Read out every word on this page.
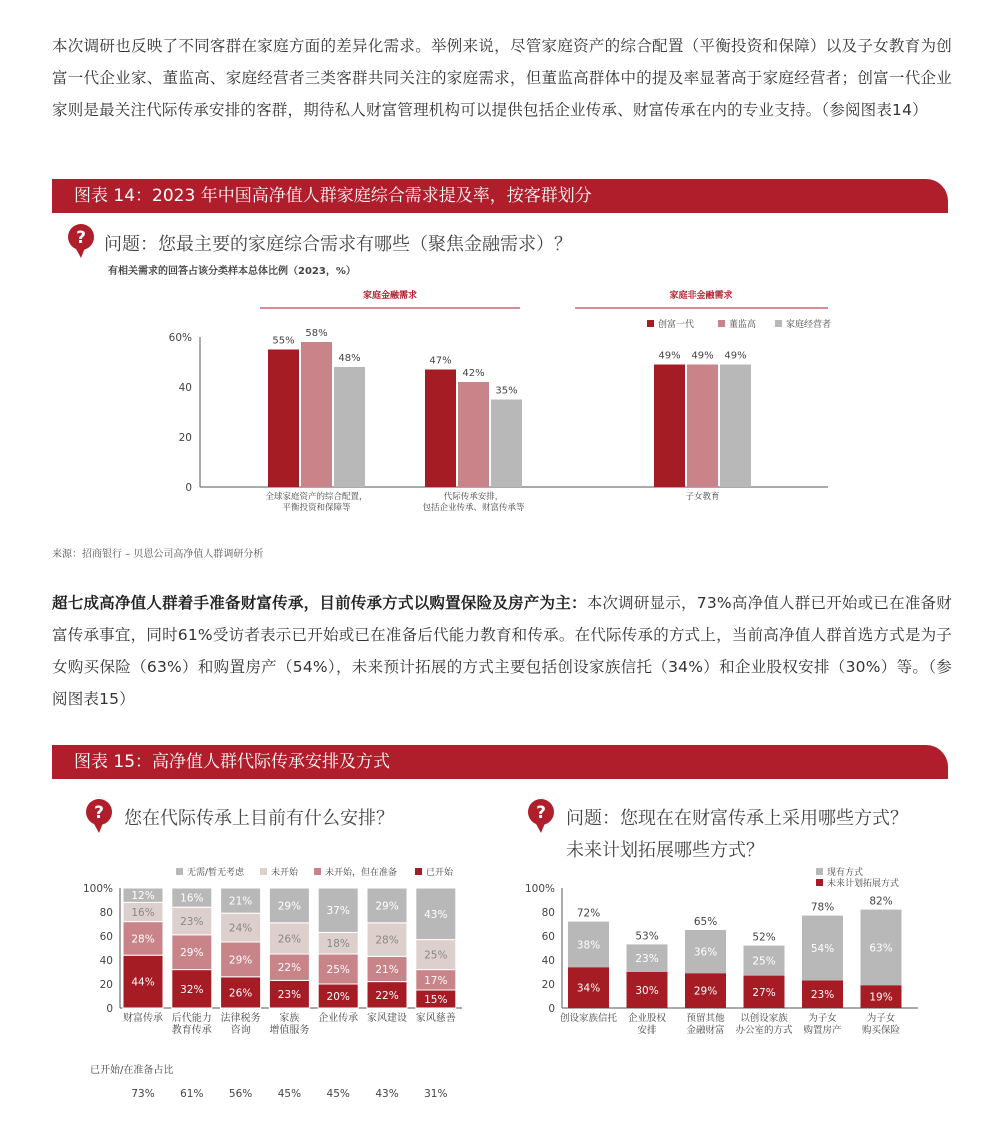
本次调研也反映了不同客群在家庭方面的差异化需求。举例来说，尽管家庭资产的综合配置（平衡投资和保障）以及子女教育为创富一代企业家、董监高、家庭经营者三类客群共同关注的家庭需求，但董监高群体中的提及率显著高于家庭经营者；创富一代企业家则是最关注代际传承安排的客群，期待私人财富管理机构可以提供包括企业传承、财富传承在内的专业支持。（参阅图表14）
图表 14：2023 年中国高净值人群家庭综合需求提及率，按客群划分
? 问题：您最主要的家庭综合需求有哪些（聚焦金融需求）？
有相关需求的回答占该分类样本总体比例（2023，%）
家庭金融需求	家庭非金融需求
0
20
40
60%	55%
58%
48%	47%
42%
35%
49% 49% 49%
全球家庭资产的综合配置，
平衡投资和保障等
代际传承安排，
包括企业传承、财富传承等
子女教育
创富一代	董监高	家庭经营者
来源：招商银行 – 贝恩公司高净值人群调研分析
超七成高净值人群着手准备财富传承，目前传承方式以购置保险及房产为主：本次调研显示，73%高净值人群已开始或已在准备财富传承事宜，同时61%受访者表示已开始或已在准备后代能力教育和传承。在代际传承的方式上，当前高净值人群首选方式是为子女购买保险（63%）和购置房产（54%），未来预计拓展的方式主要包括创设家族信托（34%）和企业股权安排（30%）等。（参阅图表15）
图表 15：高净值人群代际传承安排及方式
? 您在代际传承上目前有什么安排？	? 问题：您现在在财富传承上采用哪些方式？
未来计划拓展哪些方式？
0
20
40
60
80
100%
44%
28%
16%
12%
32%
29%
23%
16%
26%
29%
24%
21%
23%
22%
26%
29%
20%
25%
18%
37%
22%
21%
28%
29%
15%
17%
25%
43%
财富传承 后代能力
教育传承
法律税务
咨询
家族
增值服务
企业传承 家风建设 家风慈善
无需/暂无考虑	未开始	未开始，但在准备	已开始
已开始/在准备占比
73% 61% 56% 45% 45% 43% 31%
0
20
40
60
80
100%
34%
38%
72%
30%
23%
53%
29%
36%
65%
27%
25%
52%
23%
54%
78%
19%
63%
82%
创设家族信托 企业股权
安排
预留其他
金融财富
以创设家族
办公室的方式
为子女
购置房产
为子女
购买保险
现有方式
未来计划拓展方式
